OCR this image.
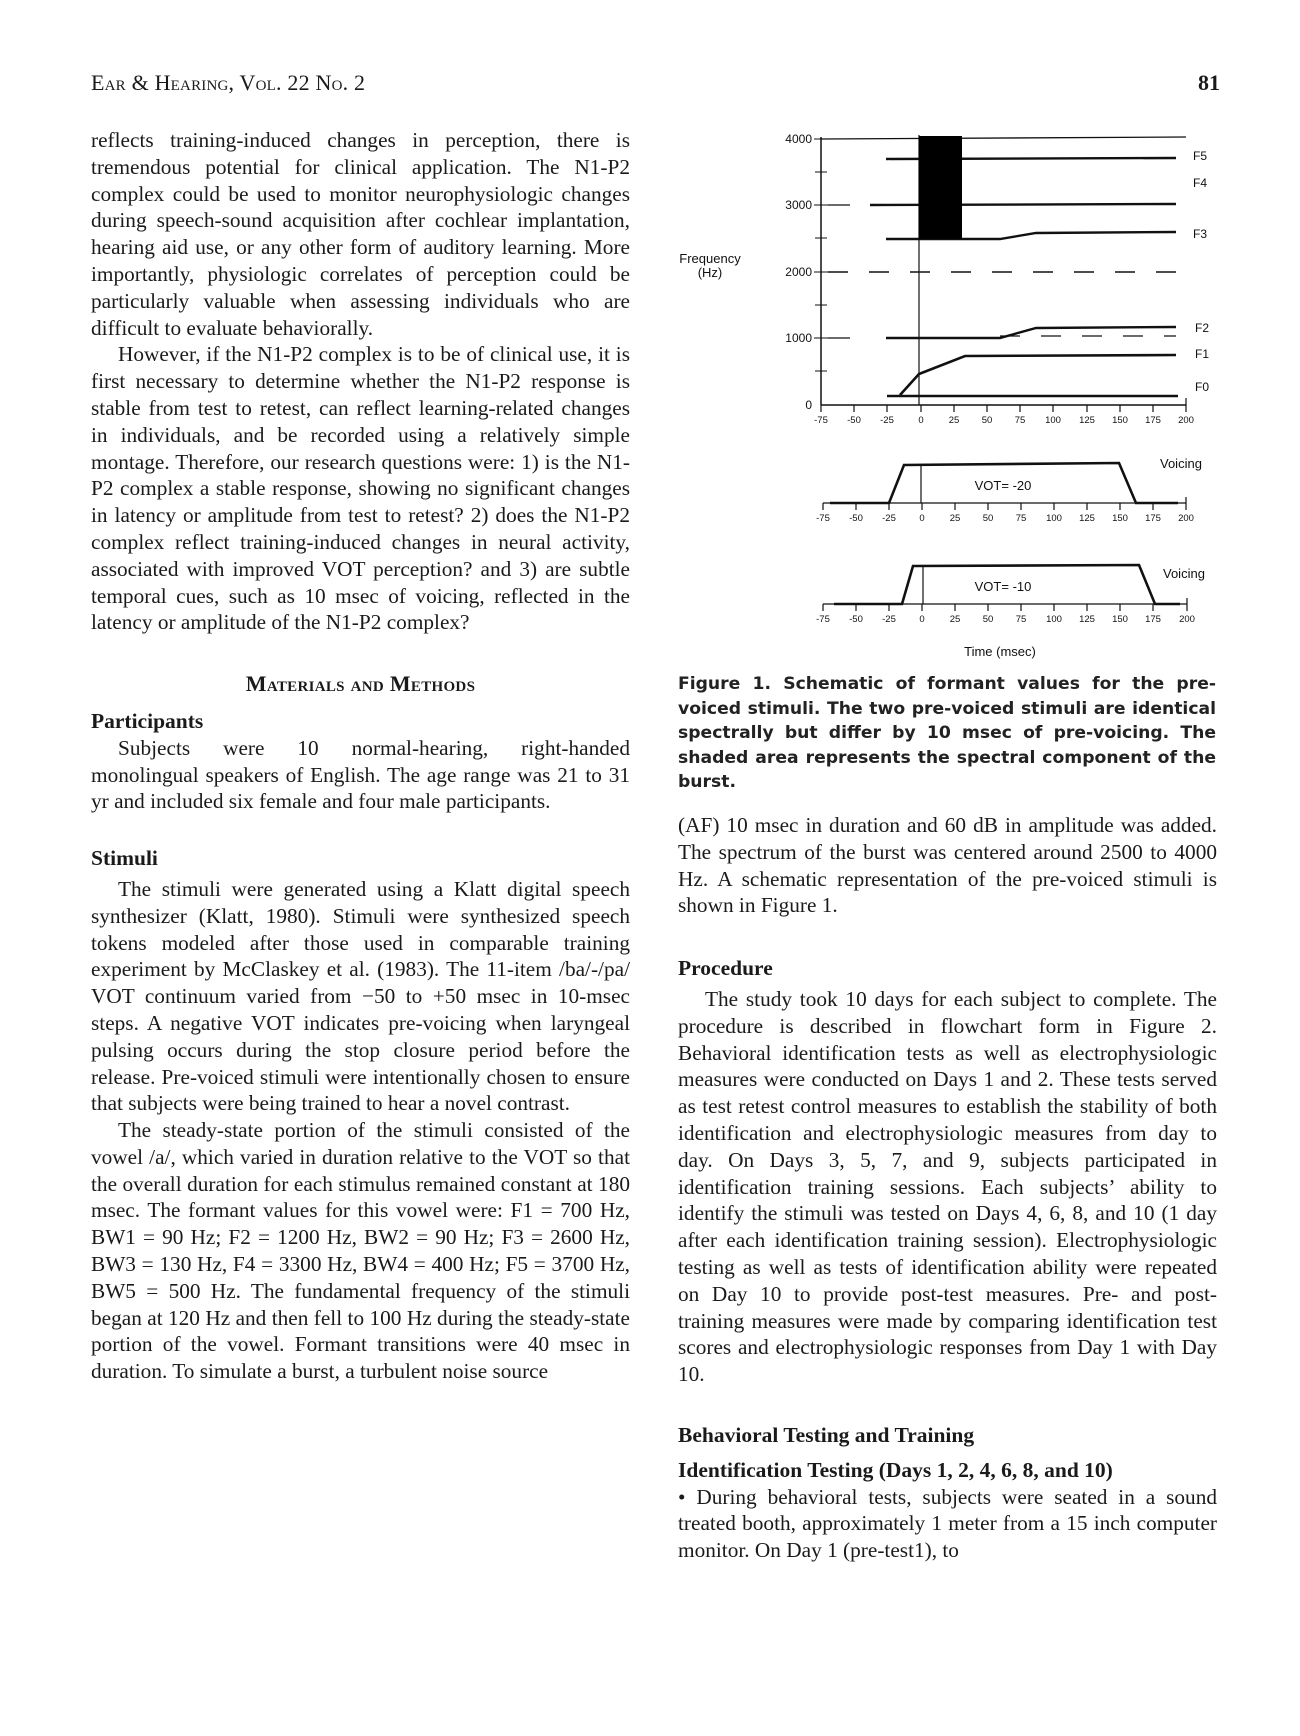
Ear & Hearing, Vol. 22 No. 2	81

reflects training-induced changes in perception, there is tremendous potential for clinical application. The N1-P2 complex could be used to monitor neurophysiologic changes during speech-sound acquisition after cochlear implantation, hearing aid use, or any other form of auditory learning. More importantly, physiologic correlates of perception could be particularly valuable when assessing individuals who are difficult to evaluate behaviorally.

However, if the N1-P2 complex is to be of clinical use, it is first necessary to determine whether the N1-P2 response is stable from test to retest, can reflect learning-related changes in individuals, and be recorded using a relatively simple montage. Therefore, our research questions were: 1) is the N1-P2 complex a stable response, showing no significant changes in latency or amplitude from test to retest? 2) does the N1-P2 complex reflect training-induced changes in neural activity, associated with improved VOT perception? and 3) are subtle temporal cues, such as 10 msec of voicing, reflected in the latency or amplitude of the N1-P2 complex?

Materials and Methods
Participants

Subjects were 10 normal-hearing, right-handed monolingual speakers of English. The age range was 21 to 31 yr and included six female and four male participants.

Stimuli

The stimuli were generated using a Klatt digital speech synthesizer (Klatt, 1980). Stimuli were synthesized speech tokens modeled after those used in comparable training experiment by McClaskey et al. (1983). The 11-item /ba/-/pa/ VOT continuum varied from −50 to +50 msec in 10-msec steps. A negative VOT indicates pre-voicing when laryngeal pulsing occurs during the stop closure period before the release. Pre-voiced stimuli were intentionally chosen to ensure that subjects were being trained to hear a novel contrast.

The steady-state portion of the stimuli consisted of the vowel /a/, which varied in duration relative to the VOT so that the overall duration for each stimulus remained constant at 180 msec. The formant values for this vowel were: F1 = 700 Hz, BW1 = 90 Hz; F2 = 1200 Hz, BW2 = 90 Hz; F3 = 2600 Hz, BW3 = 130 Hz, F4 = 3300 Hz, BW4 = 400 Hz; F5 = 3700 Hz, BW5 = 500 Hz. The fundamental frequency of the stimuli began at 120 Hz and then fell to 100 Hz during the steady-state portion of the vowel. Formant transitions were 40 msec in duration. To simulate a burst, a turbulent noise source

Frequency
(Hz)
4000
3000
2000
1000
0
F5
F4
F3
F2
F1
F0
-75 -50 -25	0	25 50 75 100 125 150 175 200
VOT= -20
Voicing
-75 -50 -25 0	25 50 75 100 125 150 175 200
VOT= -10
Voicing
-75 -50 -25 0	25 50 75 100 125 150 175 200
Time (msec)
Figure 1. Schematic of formant values for the pre-voiced stimuli. The two pre-voiced stimuli are identical spectrally but differ by 10 msec of pre-voicing. The shaded area represents the spectral component of the burst.

(AF) 10 msec in duration and 60 dB in amplitude was added. The spectrum of the burst was centered around 2500 to 4000 Hz. A schematic representation of the pre-voiced stimuli is shown in Figure 1.

Procedure

The study took 10 days for each subject to complete. The procedure is described in flowchart form in Figure 2. Behavioral identification tests as well as electrophysiologic measures were conducted on Days 1 and 2. These tests served as test retest control measures to establish the stability of both identification and electrophysiologic measures from day to day. On Days 3, 5, 7, and 9, subjects participated in identification training sessions. Each subjects’ ability to identify the stimuli was tested on Days 4, 6, 8, and 10 (1 day after each identification training session). Electrophysiologic testing as well as tests of identification ability were repeated on Day 10 to provide post-test measures. Pre- and post-training measures were made by comparing identification test scores and electrophysiologic responses from Day 1 with Day 10.

Behavioral Testing and Training
Identification Testing (Days 1, 2, 4, 6, 8, and 10)

• During behavioral tests, subjects were seated in a sound treated booth, approximately 1 meter from a 15 inch computer monitor. On Day 1 (pre-test1), to
